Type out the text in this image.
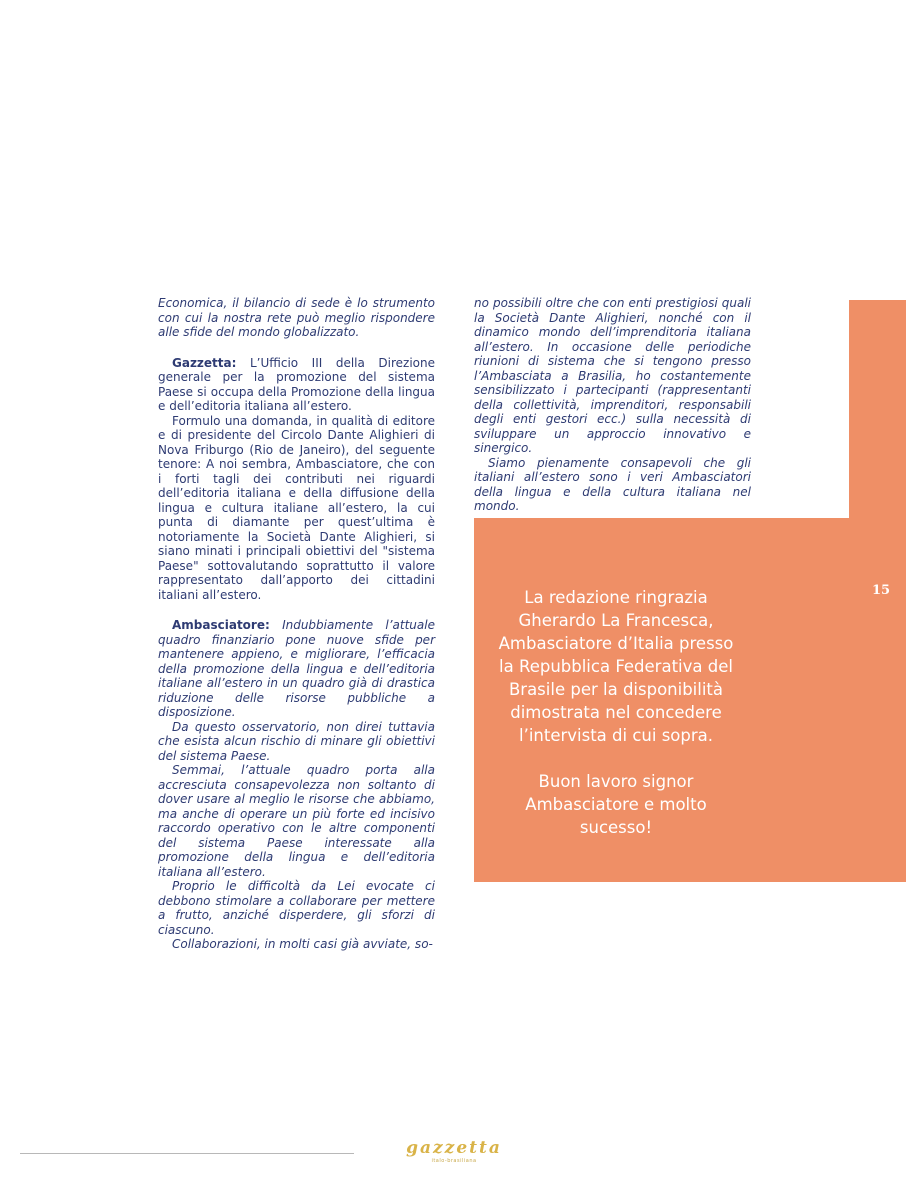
Economica, il bilancio di sede è lo strumento con cui la nostra rete può meglio rispondere alle sfide del mondo globalizzato.

Gazzetta: L’Ufficio III della Direzione generale per la promozione del sistema Paese si occupa della Promozione della lingua e dell’editoria italiana all’estero.

Formulo una domanda, in qualità di editore e di presidente del Circolo Dante Alighieri di Nova Friburgo (Rio de Janeiro), del seguente tenore: A noi sembra, Ambasciatore, che con i forti tagli dei contributi nei riguardi dell’editoria italiana e della diffusione della lingua e cultura italiane all’estero, la cui punta di diamante per quest’ultima è notoriamente la Società Dante Alighieri, si siano minati i principali obiettivi del "sistema Paese" sottovalutando soprattutto il valore rappresentato dall’apporto dei cittadini italiani all’estero.

Ambasciatore: Indubbiamente l’attuale quadro finanziario pone nuove sfide per mantenere appieno, e migliorare, l’efficacia della promozione della lingua e dell’editoria italiane all’estero in un quadro già di drastica riduzione delle risorse pubbliche a disposizione.

Da questo osservatorio, non direi tuttavia che esista alcun rischio di minare gli obiettivi del sistema Paese.

Semmai, l’attuale quadro porta alla accresciuta consapevolezza non soltanto di dover usare al meglio le risorse che abbiamo, ma anche di operare un più forte ed incisivo raccordo operativo con le altre componenti del sistema Paese interessate alla promozione della lingua e dell’editoria italiana all’estero.

Proprio le difficoltà da Lei evocate ci debbono stimolare a collaborare per mettere a frutto, anziché disperdere, gli sforzi di ciascuno.

Collaborazioni, in molti casi già avviate, so-

no possibili oltre che con enti prestigiosi quali la Società Dante Alighieri, nonché con il dinamico mondo dell’imprenditoria italiana all’estero. In occasione delle periodiche riunioni di sistema che si tengono presso l’Ambasciata a Brasilia, ho costantemente sensibilizzato i partecipanti (rappresentanti della collettività, imprenditori, responsabili degli enti gestori ecc.) sulla necessità di sviluppare un approccio innovativo e sinergico.

Siamo pienamente consapevoli che gli italiani all’estero sono i veri Ambasciatori della lingua e della cultura italiana nel mondo.

La redazione ringrazia Gherardo La Francesca, Ambasciatore d’Italia presso la Repubblica Federativa del Brasile per la disponibilità dimostrata nel concedere l’intervista di cui sopra.

Buon lavoro signor Ambasciatore e molto sucesso!

15
gazzetta
italo-brasiliana
